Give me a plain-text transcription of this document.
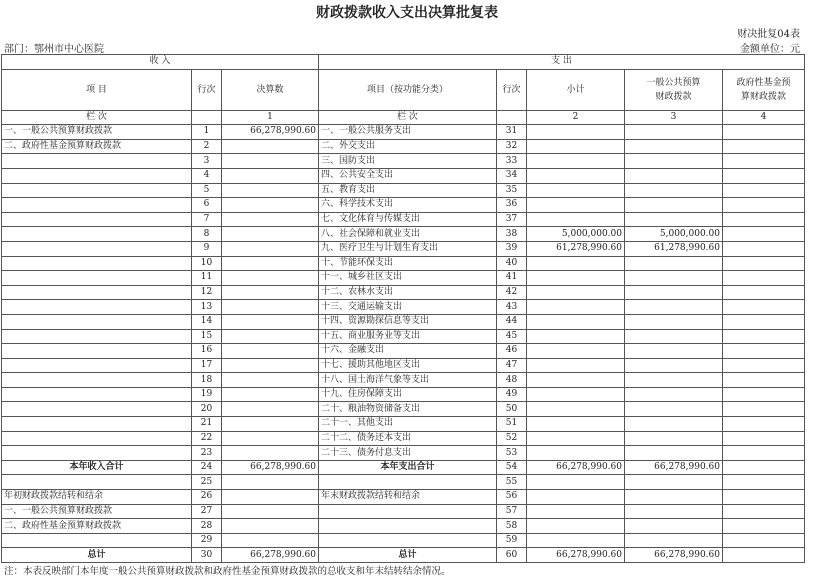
财政拨款收入支出决算批复表
财决批复04表
部门：鄂州市中心医院	金额单位：元
收 入			支 出				
项 目	行次	决算数	项目（按功能分类）	行次	小计	一般公共预算财政拨款	政府性基金预算财政拨款
栏 次		1	栏 次		2	3	4
一、一般公共预算财政拨款	1	66,278,990.60	一、一般公共服务支出	31			
二、政府性基金预算财政拨款	2		二、外交支出	32			
	3		三、国防支出	33			
	4		四、公共安全支出	34			
	5		五、教育支出	35			
	6		六、科学技术支出	36			
	7		七、文化体育与传媒支出	37			
	8		八、社会保障和就业支出	38	5,000,000.00	5,000,000.00	
	9		九、医疗卫生与计划生育支出	39	61,278,990.60	61,278,990.60	
	10		十、节能环保支出	40			
	11		十一、城乡社区支出	41			
	12		十二、农林水支出	42			
	13		十三、交通运输支出	43			
	14		十四、资源勘探信息等支出	44			
	15		十五、商业服务业等支出	45			
	16		十六、金融支出	46			
	17		十七、援助其他地区支出	47			
	18		十八、国土海洋气象等支出	48			
	19		十九、住房保障支出	49			
	20		二十、粮油物资储备支出	50			
	21		二十一、其他支出	51			
	22		二十二、债务还本支出	52			
	23		二十三、债务付息支出	53			
本年收入合计	24	66,278,990.60	本年支出合计	54	66,278,990.60	66,278,990.60	
	25			55			
年初财政拨款结转和结余	26		年末财政拨款结转和结余	56			
一、一般公共预算财政拨款	27			57			
二、政府性基金预算财政拨款	28			58			
	29			59			
总计	30	66,278,990.60	总计	60	66,278,990.60	66,278,990.60	
注：本表反映部门本年度一般公共预算财政拨款和政府性基金预算财政拨款的总收支和年末结转结余情况。
